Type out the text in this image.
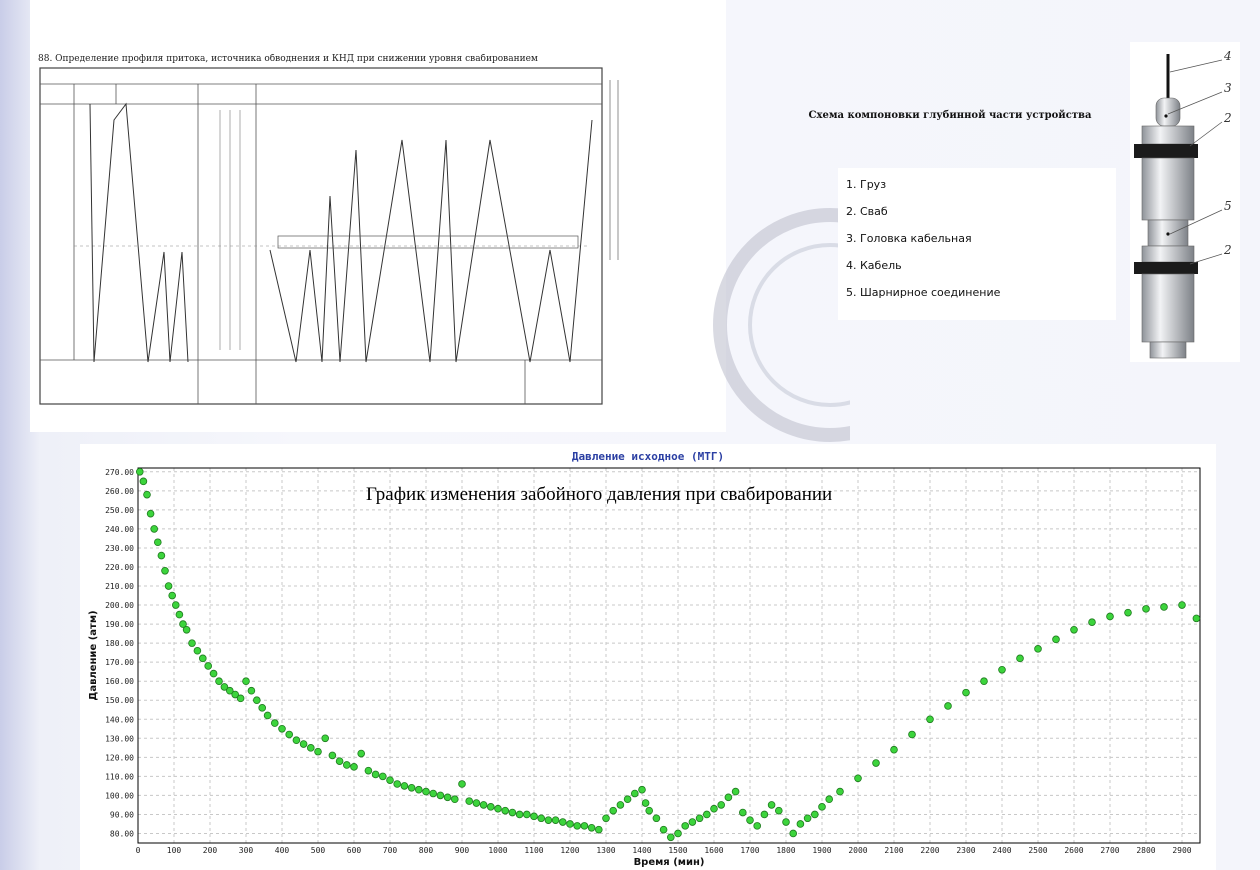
88. Определение профиля притока, источника обводнения и КНД при снижении уровня свабированием
Схема компоновки глубинной части устройства
4
3
2
5
2
1. Груз
2. Сваб
3. Головка кабельная
4. Кабель
5. Шарнирное соединение
Давление исходное (МТГ)
80.00
90.00
100.00
110.00
120.00
130.00
140.00
150.00
160.00
170.00
180.00
190.00
200.00
210.00
220.00
230.00
240.00
250.00
260.00
270.00
0	100	200	300	400	500	600	700	800	900 1000 1100 1200 1300 1400 1500 1600 1700 1800 1900 2000 2100 2200 2300 2400 2500 2600 2700 2800 2900
Давление (атм)
Время (мин)
График изменения забойного давления при свабировании
